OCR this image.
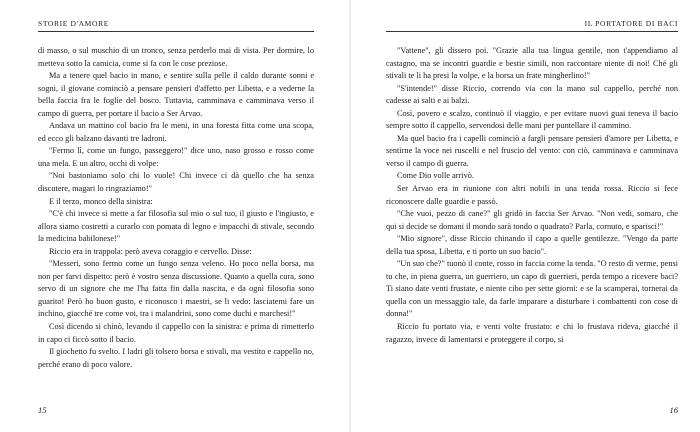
STORIE D'AMORE

di masso, o sul muschio di un tronco, senza perderlo mai di vista. Per dormire, lo metteva sotto la camicia, come si fa con le cose preziose.

Ma a tenere quel bacio in mano, e sentire sulla pelle il caldo durante sonni e sogni, il giovane cominciò a pensare pensieri d'affetto per Libetta, e a vederne la bella faccia fra le foglie del bosco. Tuttavia, camminava e camminava verso il campo di guerra, per portare il bacio a Ser Arvao.

Andava un mattino col bacio fra le meni, in una foresta fitta come una scopa, ed ecco gli balzano davanti tre ladroni.

"Fermo lì, come un fungo, passeggero!" dice uno, naso grosso e rosso come una mela. E un altro, occhi di volpe:

"Noi bastoniamo solo chi lo vuole! Chi invece ci dà quello che ha senza discutere, magari lo ringraziamo!"

E il terzo, monco della sinistra:

"C'è chi invece si mette a far filosofia sul mio o sul tuo, il giusto e l'ingiusto, e allora siamo costretti a curarlo con pomata di legno e impacchi di stivale, secondo la medicina babilonese!"

Riccio era in trappola: però aveva coraggio e cervello. Disse:

"Messeri, sono fermo come un fungo senza veleno. Ho poco nella borsa, ma non per farvi dispetto: però è vostro senza discussione. Quanto a quella cura, sono servo di un signore che me l'ha fatta fin dalla nascita, e da ognì filosofia sono guarito! Però ho buon gusto, e riconosco i maestri, se li vedo: lasciatemi fare un inchino, giacché tre come voi, tra i malandrini, sono come duchi e marchesi!"

Così dicendo si chinò, levando il cappello con la sinistra: e prima di rimetterlo in capo ci ficcò sotto il bacio.

Il giochetto fu svelto. I ladri gli tolsero borsa e stivali, ma vestito e cappello no, perché erano di poco valore.

15
IL PORTATORE DI BACI

"Vattene", gli dissero poi. "Grazie alla tua lingua gentile, non t'appendiamo al castagno, ma se incontri guardie e bestie simili, non raccontare niente di noi! Ché gli stivali te li ha presi la volpe, e la borsa un frate mingherlino!"

"S'intende!" disse Riccio, correndo via con la mano sul cappello, perché non cadesse ai salti e ai balzi.

Così, povero e scalzo, continuò il viaggio, e per evitare nuovi guai teneva il bacio sempre sotto il cappello, servendosi delle mani per puntellare il cammino.

Ma quel bacio fra i capelli cominciò a fargli pensare pensieri d'amore per Libetta, e sentirne la voce nei ruscelli e nel fruscio del vento: con ciò, camminava e camminava verso il campo di guerra.

Come Dio volle arrivò.

Ser Arvao era in riunione con altri nobili in una tenda rossa. Riccio si fece riconoscere dalle guardie e passò.

"Che vuoi, pezzo di cane?" gli gridò in faccia Ser Arvao. "Non vedi, somaro, che qui si decide se domani il mondo sarà tondo o quadrato? Parla, cornuto, e sparisci!"

"Mio signore", disse Riccio chinando il capo a quelle gentilezze. "Vengo da parte della tua sposa, Libetta, e ti porto un suo bacio".

"Un suo che?" tuonò il conte, rosso in faccia come la tenda. "O resto di verme, pensi tu che, in piena guerra, un guerriero, un capo di guerrieri, perda tempo a ricevere baci? Ti siano date venti frustate, e niente cibo per sette giorni: e se la scamperai, tornerai da quella con un messaggio tale, da farle imparare a disturbare i combattenti con cose di donna!"

Riccio fu portato via, e venti volte frustato: e chi lo frustava rideva, giacché il ragazzo, invece di lamentarsi e proteggere il corpo, si

16
